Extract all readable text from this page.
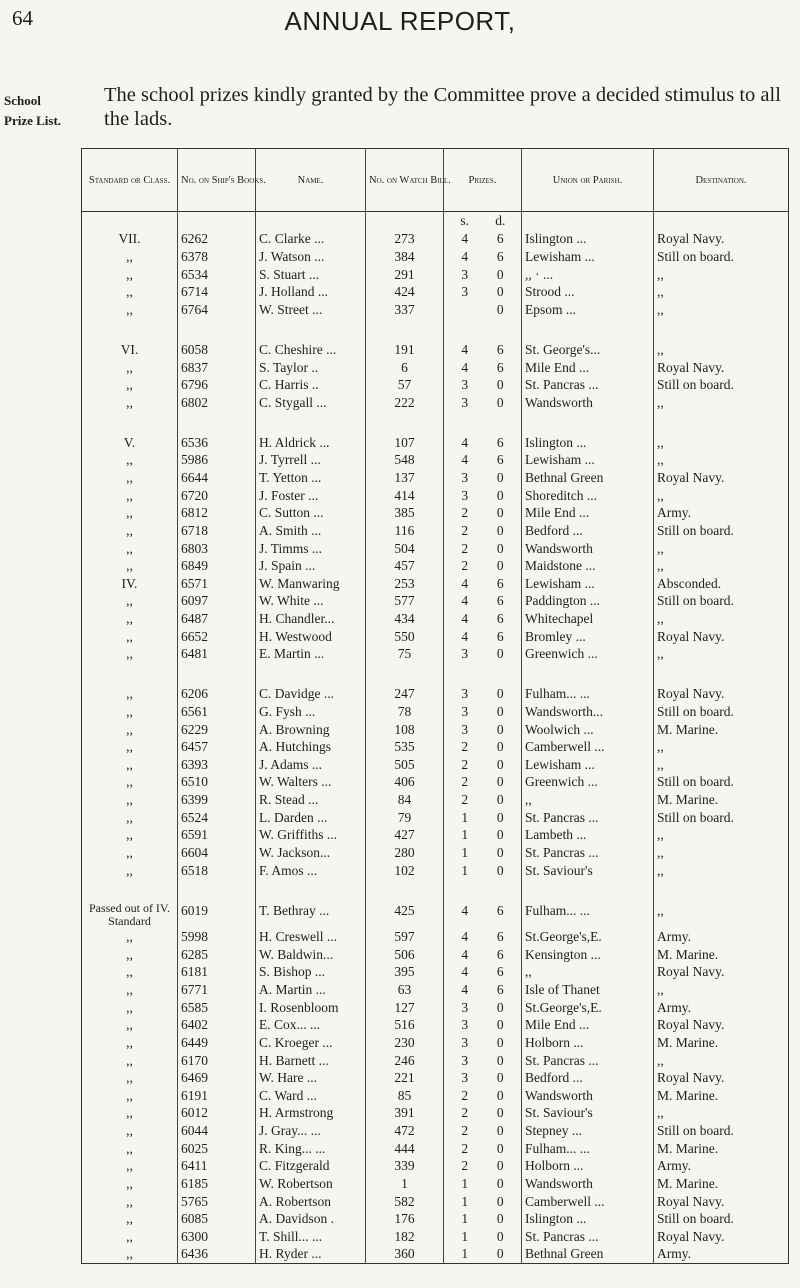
64	ANNUAL REPORT,
School
Prize List.

The school prizes kindly granted by the Committee prove a decided stimulus to all the lads.

Standard or Class.	No. on Ship's Books.	Name.	No. on Watch Bill.	Prizes.	Union or Parish.	Destination.
				s. d.		
VII.	6262	C. Clarke ...	273	4 6	Islington ...	Royal Navy.
,,	6378	J. Watson ...	384	4 6	Lewisham ...	Still on board.
,,	6534	S. Stuart ...	291	3 0	,, · ...	,,
,,	6714	J. Holland ...	424	3 0	Strood ...	,,
,,	6764	W. Street ...	337	0	Epsom ...	,,

VI.	6058	C. Cheshire ...	191	4 6	St. George's...	,,
,,	6837	S. Taylor ..	6	4 6	Mile End ...	Royal Navy.
,,	6796	C. Harris ..	57	3 0	St. Pancras ...	Still on board.
,,	6802	C. Stygall ...	222	3 0	Wandsworth	,,

V.	6536	H. Aldrick ...	107	4 6	Islington ...	,,
,,	5986	J. Tyrrell ...	548	4 6	Lewisham ...	,,
,,	6644	T. Yetton ...	137	3 0	Bethnal Green	Royal Navy.
,,	6720	J. Foster ...	414	3 0	Shoreditch ...	,,
,,	6812	C. Sutton ...	385	2 0	Mile End ...	Army.
,,	6718	A. Smith ...	116	2 0	Bedford ...	Still on board.
,,	6803	J. Timms ...	504	2 0	Wandsworth	,,
,,	6849	J. Spain ...	457	2 0	Maidstone ...	,,
IV.	6571	W. Manwaring	253	4 6	Lewisham ...	Absconded.
,,	6097	W. White ...	577	4 6	Paddington ...	Still on board.
,,	6487	H. Chandler...	434	4 6	Whitechapel	,,
,,	6652	H. Westwood	550	4 6	Bromley ...	Royal Navy.
,,	6481	E. Martin ...	75	3 0	Greenwich ...	,,

,,	6206	C. Davidge ...	247	3 0	Fulham... ...	Royal Navy.
,,	6561	G. Fysh ...	78	3 0	Wandsworth...	Still on board.
,,	6229	A. Browning	108	3 0	Woolwich ...	M. Marine.
,,	6457	A. Hutchings	535	2 0	Camberwell ...	,,
,,	6393	J. Adams ...	505	2 0	Lewisham ...	,,
,,	6510	W. Walters ...	406	2 0	Greenwich ...	Still on board.
,,	6399	R. Stead ...	84	2 0	,,	M. Marine.
,,	6524	L. Darden ...	79	1 0	St. Pancras ...	Still on board.
,,	6591	W. Griffiths ...	427	1 0	Lambeth ...	,,
,,	6604	W. Jackson...	280	1 0	St. Pancras ...	,,
,,	6518	F. Amos ...	102	1 0	St. Saviour's	,,

Passed out of IV. Standard	6019	T. Bethray ...	425	4 6	Fulham... ...	,,
,,	5998	H. Creswell ...	597	4 6	St.George's,E.	Army.
,,	6285	W. Baldwin...	506	4 6	Kensington ...	M. Marine.
,,	6181	S. Bishop ...	395	4 6	,,	Royal Navy.
,,	6771	A. Martin ...	63	4 6	Isle of Thanet	,,
,,	6585	I. Rosenbloom	127	3 0	St.George's,E.	Army.
,,	6402	E. Cox... ...	516	3 0	Mile End ...	Royal Navy.
,,	6449	C. Kroeger ...	230	3 0	Holborn ...	M. Marine.
,,	6170	H. Barnett ...	246	3 0	St. Pancras ...	,,
,,	6469	W. Hare ...	221	3 0	Bedford ...	Royal Navy.
,,	6191	C. Ward ...	85	2 0	Wandsworth	M. Marine.
,,	6012	H. Armstrong	391	2 0	St. Saviour's	,,
,,	6044	J. Gray... ...	472	2 0	Stepney ...	Still on board.
,,	6025	R. King... ...	444	2 0	Fulham... ...	M. Marine.
,,	6411	C. Fitzgerald	339	2 0	Holborn ...	Army.
,,	6185	W. Robertson	1	1 0	Wandsworth	M. Marine.
,,	5765	A. Robertson	582	1 0	Camberwell ...	Royal Navy.
,,	6085	A. Davidson .	176	1 0	Islington ...	Still on board.
,,	6300	T. Shill... ...	182	1 0	St. Pancras ...	Royal Navy.
,,	6436	H. Ryder ...	360	1 0	Bethnal Green	Army.
